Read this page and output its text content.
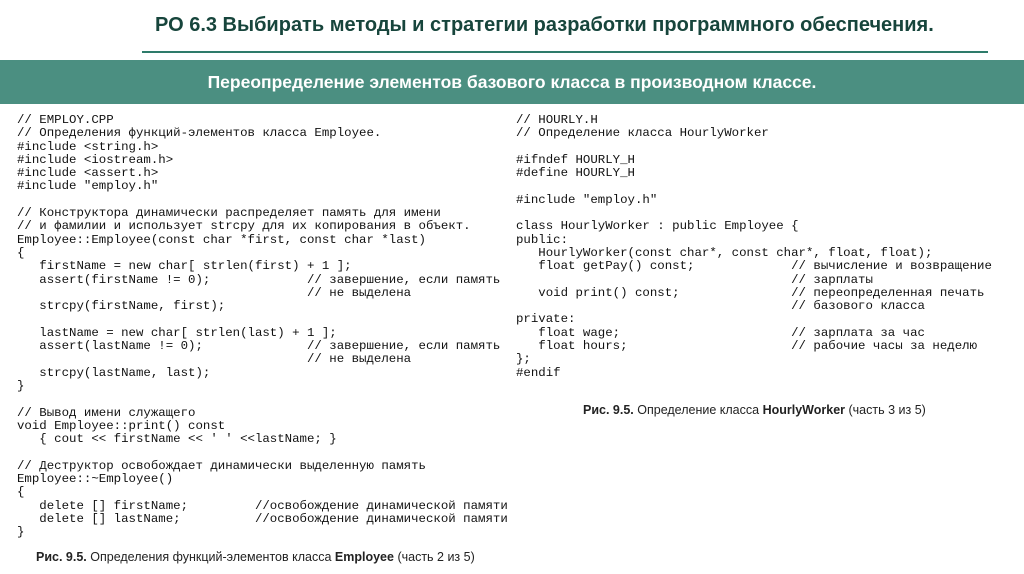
РО 6.3 Выбирать методы и стратегии разработки программного обеспечения.
Переопределение элементов базового класса в производном классе.
// EMPLOY.CPP
// Определения функций-элементов класса Employee.
#include <string.h>
#include <iostream.h>
#include <assert.h>
#include "employ.h"

// Конструктора динамически распределяет память для имени
// и фамилии и использует strcpy для их копирования в объект.
Employee::Employee(const char *first, const char *last)
{
firstName = new char[ strlen(first) + 1 ];
assert(firstName != 0);             // завершение, если память
// не выделена
strcpy(firstName, first);

lastName = new char[ strlen(last) + 1 ];
assert(lastName != 0);              // завершение, если память
// не выделена
strcpy(lastName, last);
}

// Вывод имени служащего
void Employee::print() const
{ cout << firstName << ' ' <<lastName; }

// Деструктор освобождает динамически выделенную память
Employee::~Employee()
{
delete [] firstName;         //освобождение динамической памяти
delete [] lastName;          //освобождение динамической памяти
}

// HOURLY.H
// Определение класса HourlyWorker

#ifndef HOURLY_H
#define HOURLY_H

#include "employ.h"

class HourlyWorker : public Employee {
public:
HourlyWorker(const char*, const char*, float, float);
float getPay() const;             // вычисление и возвращение
// зарплаты
void print() const;               // переопределенная печать
// базового класса
private:
float wage;                       // зарплата за час
float hours;                      // рабочие часы за неделю
};
#endif

Рис. 9.5. Определения функций-элементов класса Employee (часть 2 из 5)
Рис. 9.5. Определение класса HourlyWorker (часть 3 из 5)
